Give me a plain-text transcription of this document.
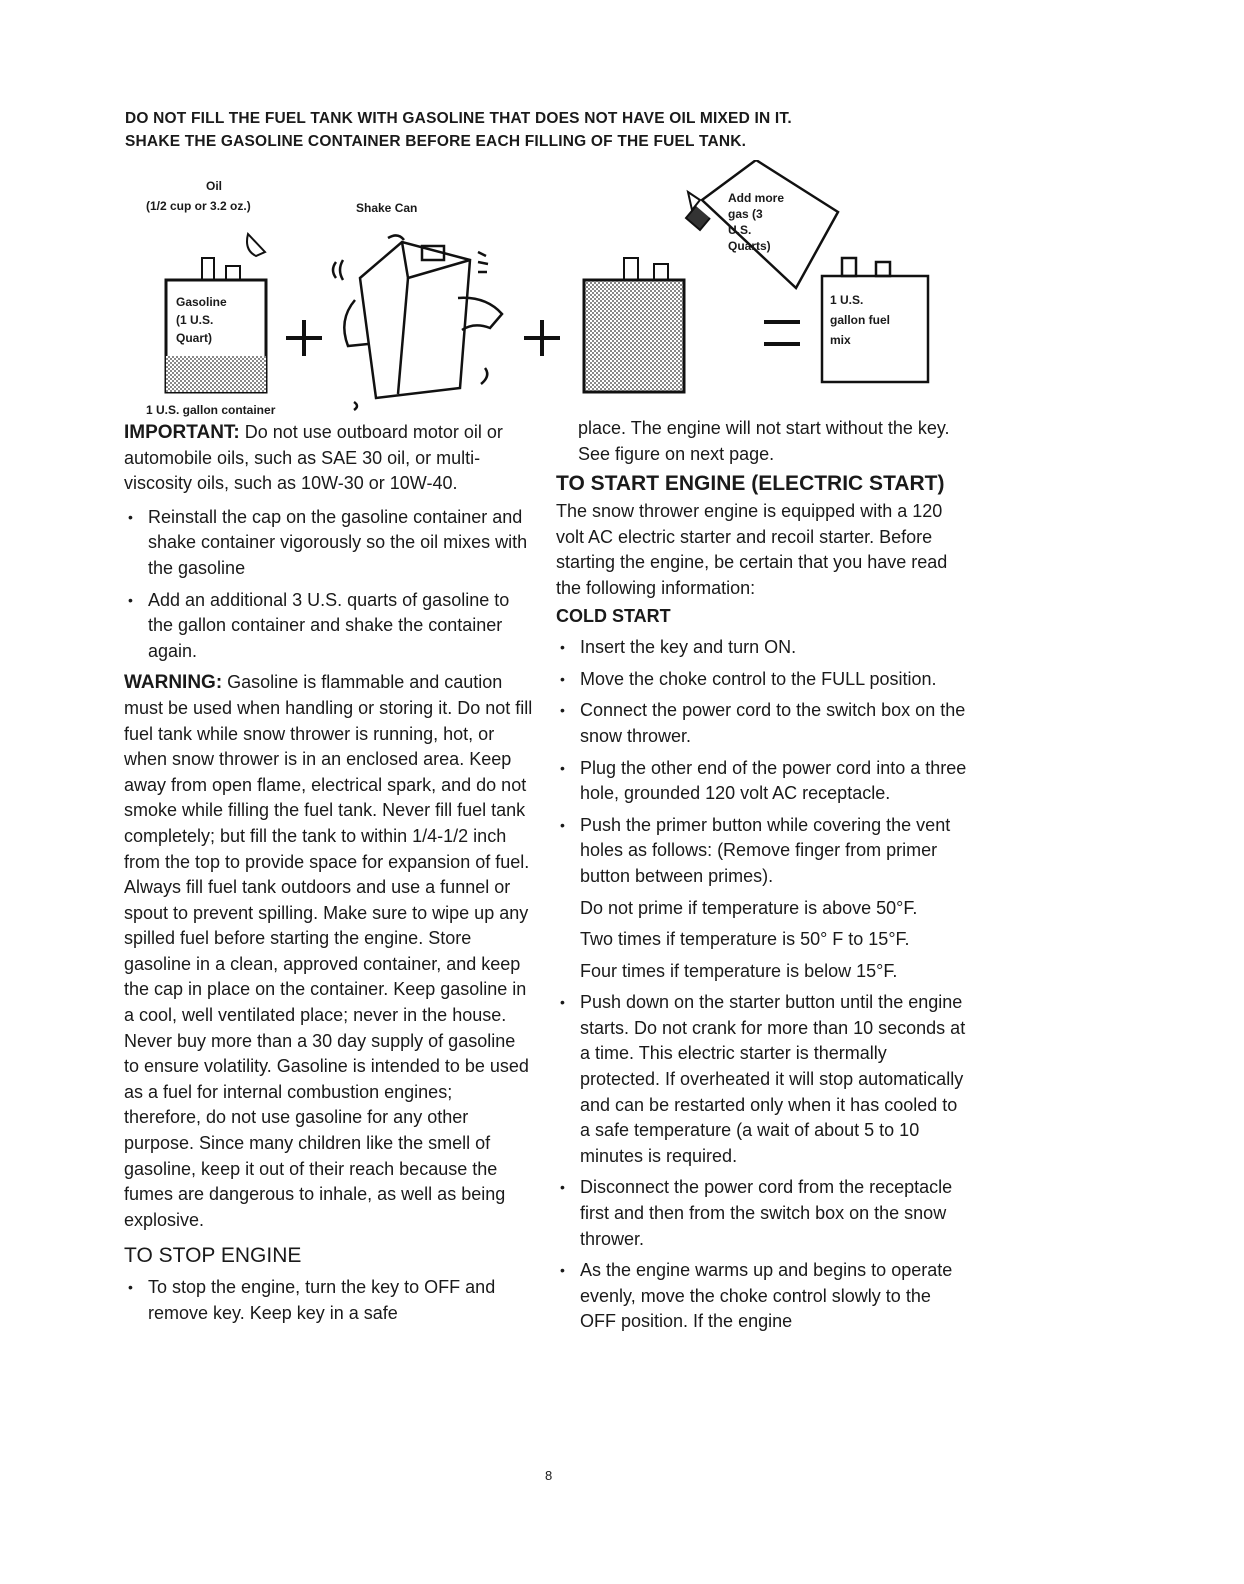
DO NOT FILL THE FUEL TANK WITH GASOLINE THAT DOES NOT HAVE OIL MIXED IN IT.
SHAKE THE GASOLINE CONTAINER BEFORE EACH FILLING OF THE FUEL TANK.
Oil
(1/2 cup or 3.2 oz.)	Shake Can
Gasoline
(1 U.S.
Quart)
1 U.S. gallon container
Add more
gas (3
U.S.
Quarts)
1 U.S.
gallon fuel
mix

IMPORTANT: Do not use outboard motor oil or automobile oils, such as SAE 30 oil, or multi-viscosity oils, such as 10W-30 or 10W-40.

• Reinstall the cap on the gasoline container and shake container vigorously so the oil mixes with the gasoline
• Add an additional 3 U.S. quarts of gasoline to the gallon container and shake the container again.

WARNING: Gasoline is flammable and caution must be used when handling or storing it. Do not fill fuel tank while snow thrower is running, hot, or when snow thrower is in an enclosed area. Keep away from open flame, electrical spark, and do not smoke while filling the fuel tank. Never fill fuel tank completely; but fill the tank to within 1/4-1/2 inch from the top to provide space for expansion of fuel. Always fill fuel tank outdoors and use a funnel or spout to prevent spilling. Make sure to wipe up any spilled fuel before starting the engine. Store gasoline in a clean, approved container, and keep the cap in place on the container. Keep gasoline in a cool, well ventilated place; never in the house. Never buy more than a 30 day supply of gasoline to ensure volatility. Gasoline is intended to be used as a fuel for internal combustion engines; therefore, do not use gasoline for any other purpose. Since many children like the smell of gasoline, keep it out of their reach because the fumes are dangerous to inhale, as well as being explosive.

TO STOP ENGINE
• To stop the engine, turn the key to OFF and remove key. Keep key in a safe

place. The engine will not start without the key. See figure on next page.

TO START ENGINE (ELECTRIC START)

The snow thrower engine is equipped with a 120 volt AC electric starter and recoil starter. Before starting the engine, be certain that you have read the following information:

COLD START
• Insert the key and turn ON.
• Move the choke control to the FULL position.
• Connect the power cord to the switch box on the snow thrower.
• Plug the other end of the power cord into a three hole, grounded 120 volt AC receptacle.
• Push the primer button while covering the vent holes as follows: (Remove finger from primer button between primes).

Do not prime if temperature is above 50°F.

Two times if temperature is 50° F to 15°F.

Four times if temperature is below 15°F.

• Push down on the starter button until the engine starts. Do not crank for more than 10 seconds at a time. This electric starter is thermally protected. If overheated it will stop automatically and can be restarted only when it has cooled to a safe temperature (a wait of about 5 to 10 minutes is required.
• Disconnect the power cord from the receptacle first and then from the switch box on the snow thrower.
• As the engine warms up and begins to operate evenly, move the choke control slowly to the OFF position. If the engine
8
